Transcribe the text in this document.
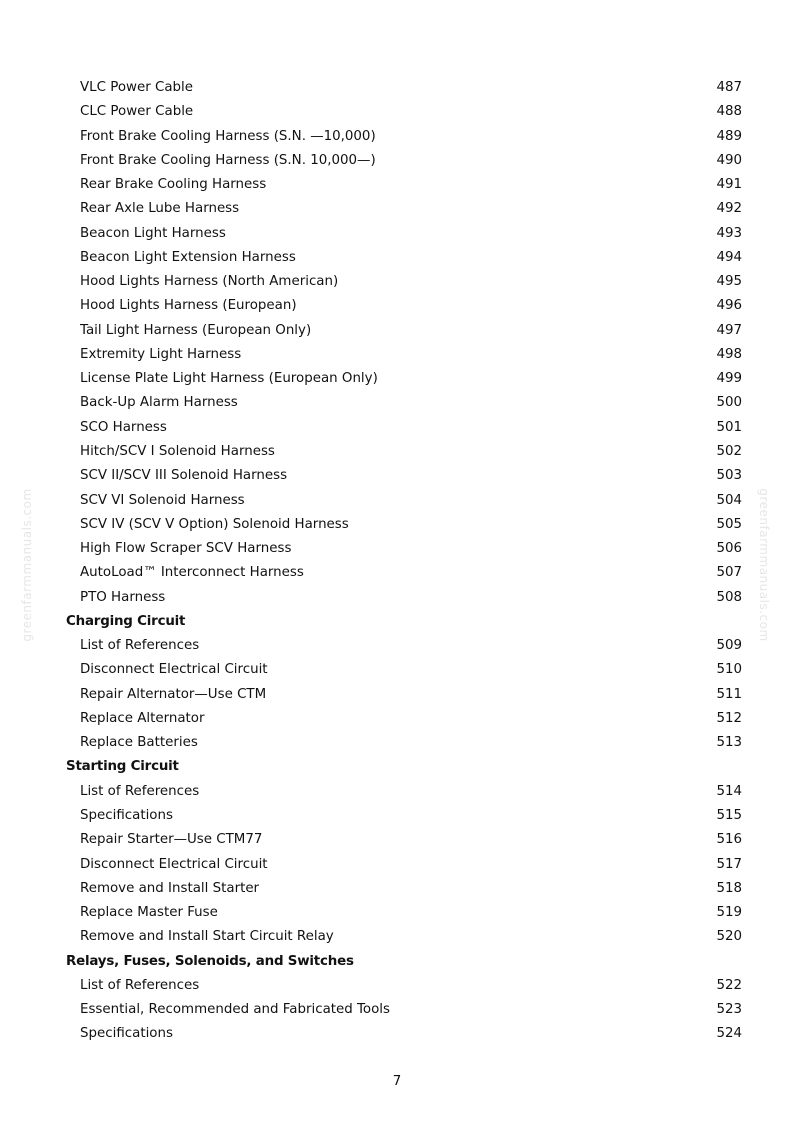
greenfarmmanuals.com	greenfarmmanuals.com
VLC Power Cable	487
CLC Power Cable	488
Front Brake Cooling Harness (S.N. —10,000)	489
Front Brake Cooling Harness (S.N. 10,000—)	490
Rear Brake Cooling Harness	491
Rear Axle Lube Harness	492
Beacon Light Harness	493
Beacon Light Extension Harness	494
Hood Lights Harness (North American)	495
Hood Lights Harness (European)	496
Tail Light Harness (European Only)	497
Extremity Light Harness	498
License Plate Light Harness (European Only)	499
Back-Up Alarm Harness	500
SCO Harness	501
Hitch/SCV I Solenoid Harness	502
SCV II/SCV III Solenoid Harness	503
SCV VI Solenoid Harness	504
SCV IV (SCV V Option) Solenoid Harness	505
High Flow Scraper SCV Harness	506
AutoLoad™ Interconnect Harness	507
PTO Harness	508
Charging Circuit
List of References	509
Disconnect Electrical Circuit	510
Repair Alternator—Use CTM	511
Replace Alternator	512
Replace Batteries	513
Starting Circuit
List of References	514
Specifications	515
Repair Starter—Use CTM77	516
Disconnect Electrical Circuit	517
Remove and Install Starter	518
Replace Master Fuse	519
Remove and Install Start Circuit Relay	520
Relays, Fuses, Solenoids, and Switches
List of References	522
Essential, Recommended and Fabricated Tools	523
Specifications	524
7
